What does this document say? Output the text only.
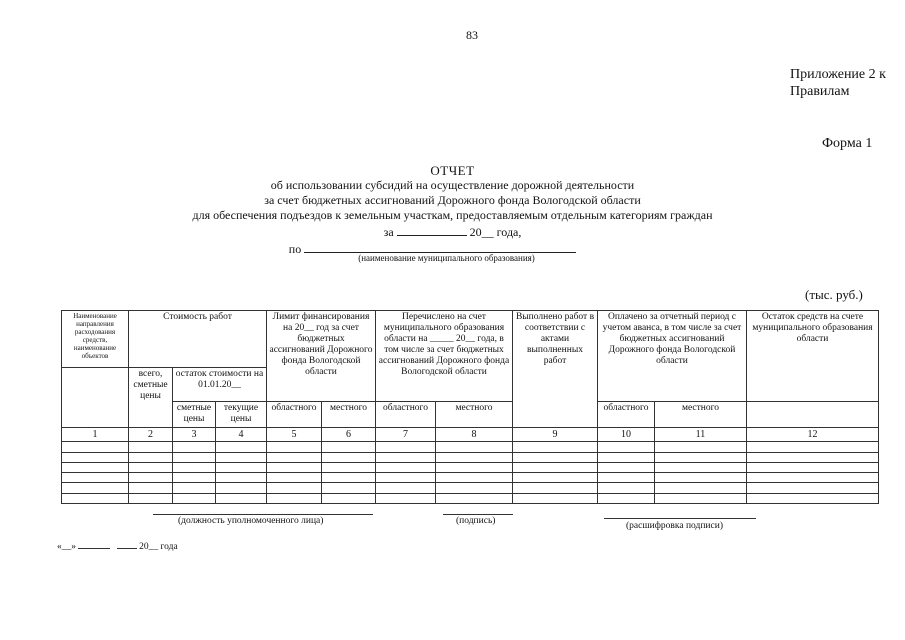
83
Приложение 2 к Правилам
Форма 1
ОТЧЕТ
об использовании субсидий на осуществление дорожной деятельности
за счет бюджетных ассигнований Дорожного фонда Вологодской области
для обеспечения подъездов к земельным участкам, предоставляемым отдельным категориям граждан
за	20__ года,
по
(наименование муниципального образования)
(тыс. руб.)
Наименование направления расходования средств, наименование объектов	Стоимость работ			Лимит финансирования на 20__ год за счет бюджетных ассигнований Дорожного фонда Вологодской области		Перечислено на счет муниципального образования области на _____ 20__ года, в том числе за счет бюджетных ассигнований Дорожного фонда Вологодской области		Выполнено работ в соответствии с актами выполненных работ	Оплачено за отчетный период с учетом аванса, в том числе за счет бюджетных ассигнований Дорожного фонда Вологодской области		Остаток средств на счете муниципального образования области
	всего, сметные цены	остаток стоимости на 01.01.20__									
		сметные цены	текущие цены	областного	местного	областного	местного		областного	местного	
1	2	3	4	5	6	7	8	9	10	11	12

(должность уполномоченного лица)	(подпись)	(расшифровка подписи)
«__»	20__ года
